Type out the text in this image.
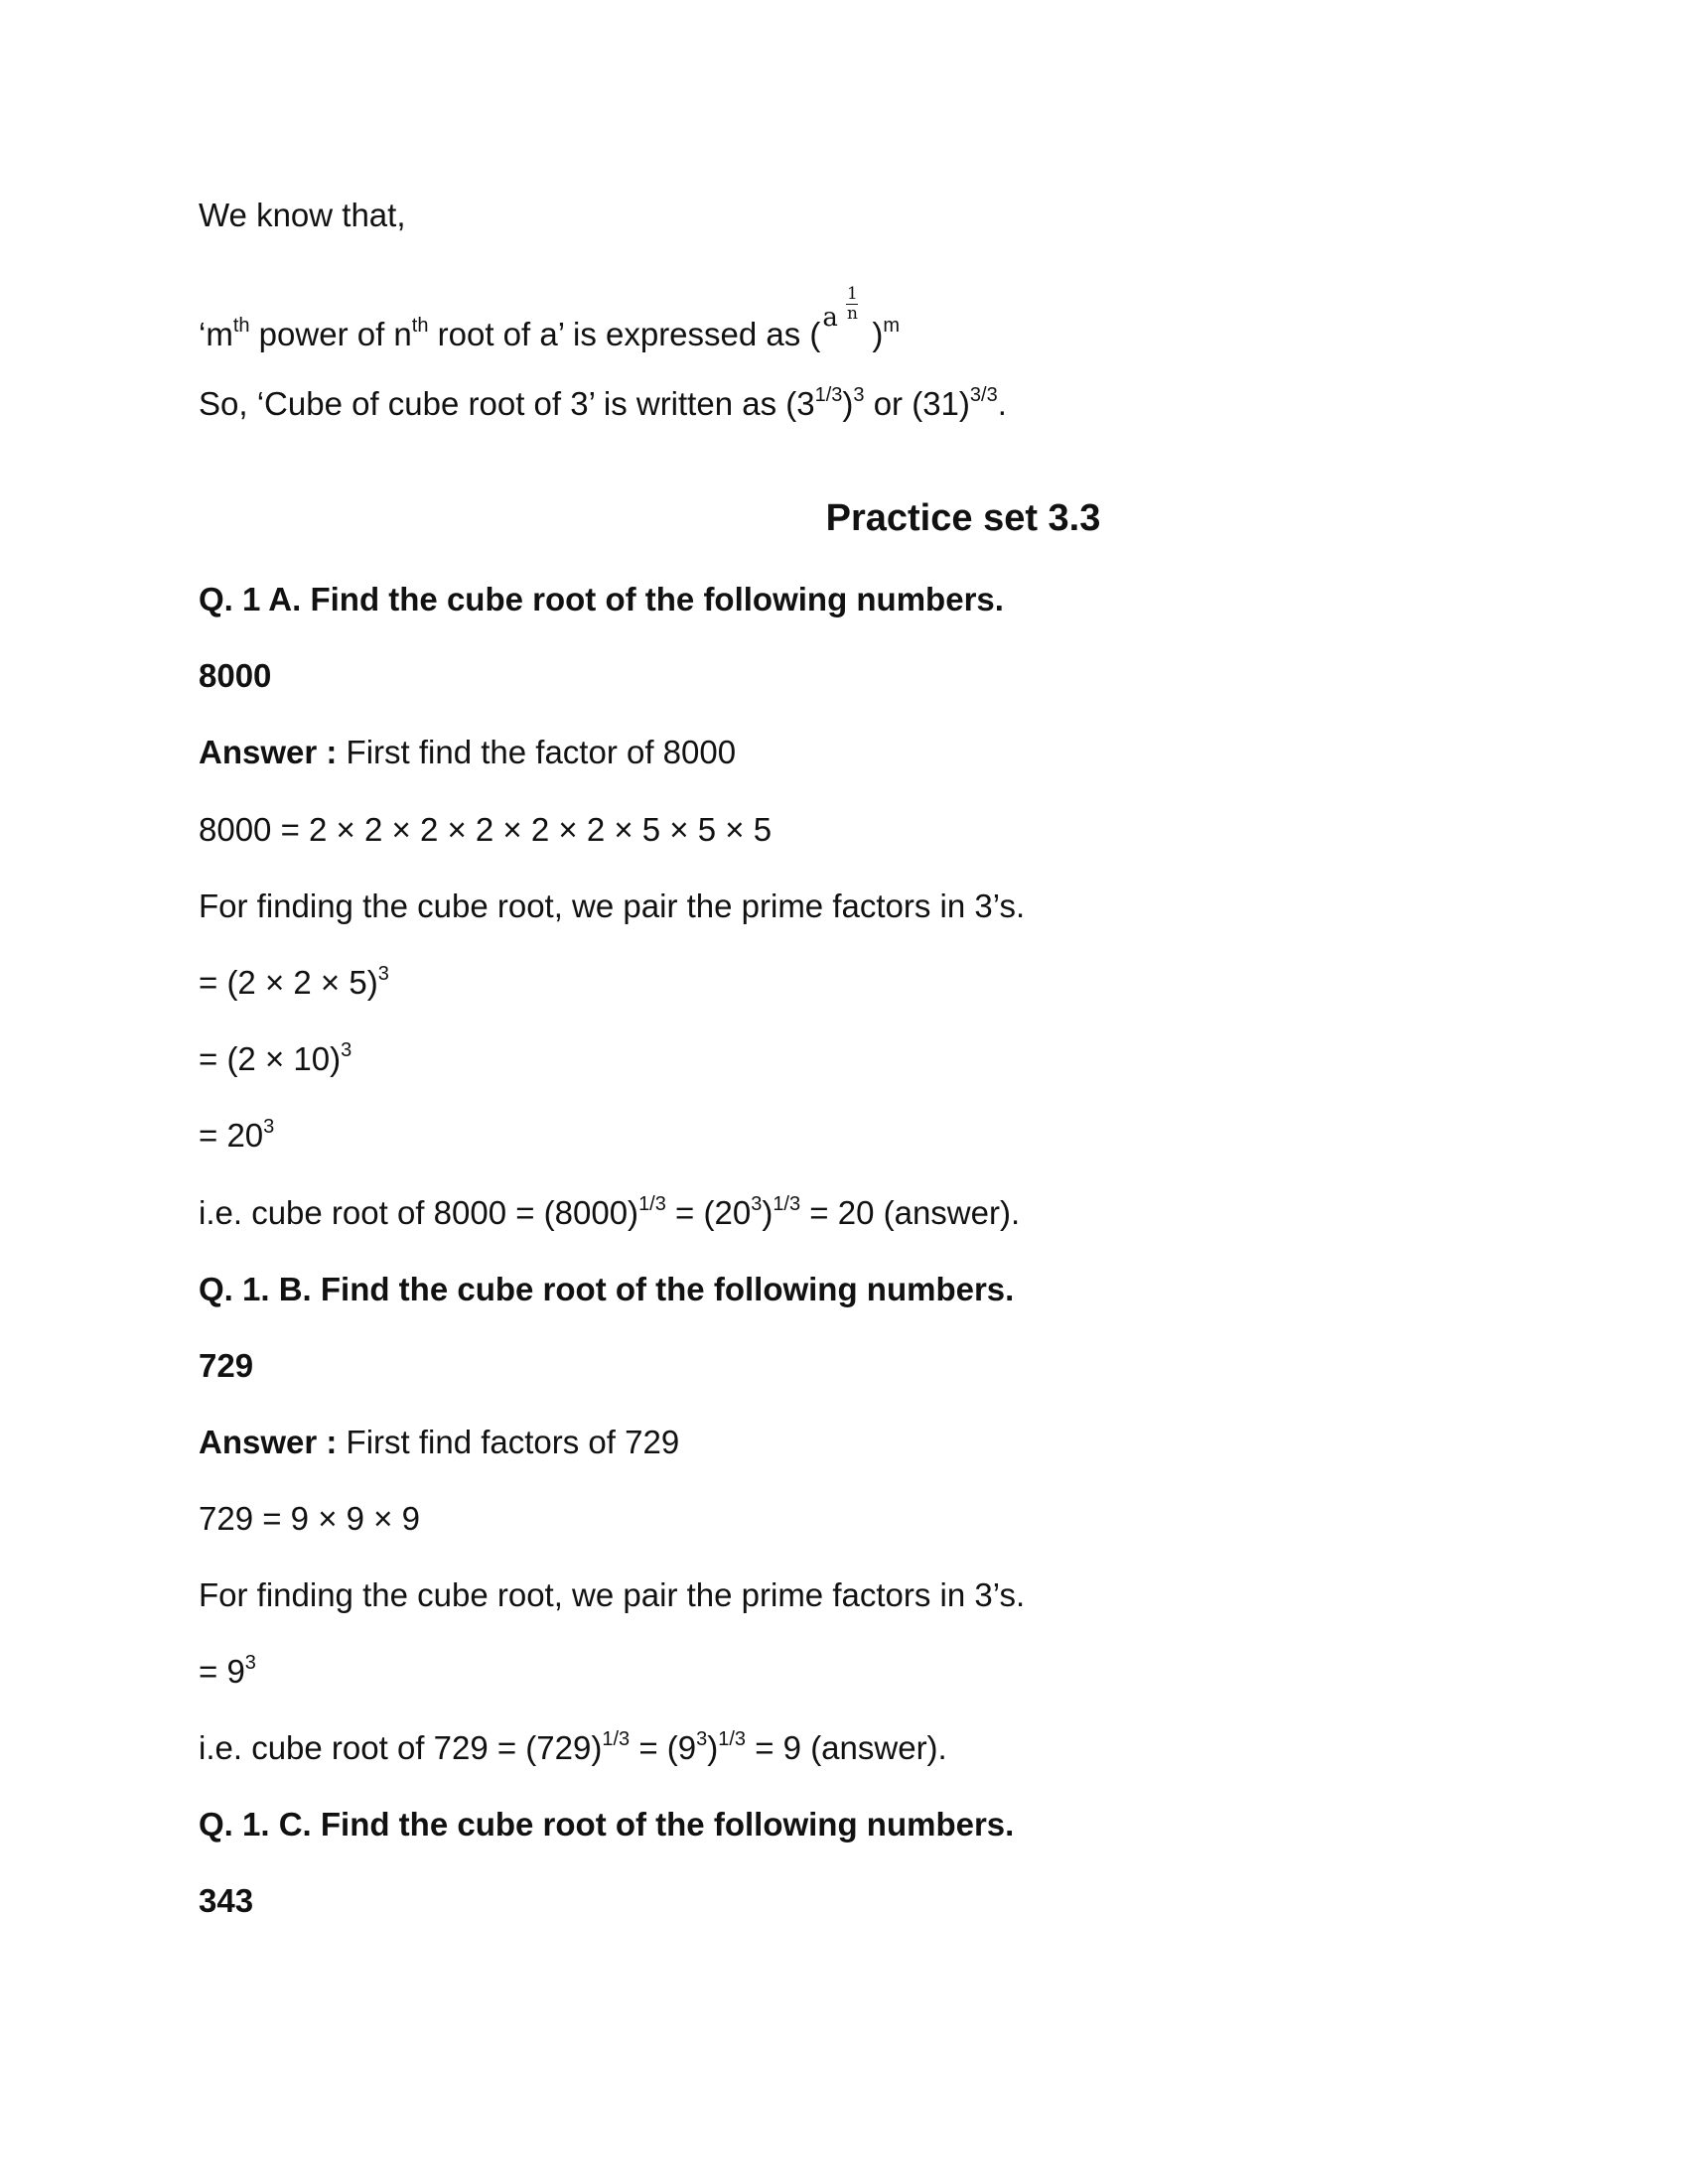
We know that,
‘$m^{th}$ power of $n^{th}$ root of a’ is expressed as ( a
1
n
)$^m$
So, ‘Cube of cube root of 3’ is written as $(3^{1/3})^3$ or $(31)^{3/3}$.
Practice set 3.3
Q. 1 A. Find the cube root of the following numbers.
8000
Answer : First find the factor of 8000
8000 = 2 × 2 × 2 × 2 × 2 × 2 × 5 × 5 × 5
For finding the cube root, we pair the prime factors in 3’s.
= $(2 \times 2 \times 5)^3$
= $(2 \times 10)^3$
= $20^3$
i.e. cube root of $8000 = (8000)^{1/3} = (20^3)^{1/3} = 20$ (answer).
Q. 1. B. Find the cube root of the following numbers.
729
Answer : First find factors of 729
729 = 9 × 9 × 9
For finding the cube root, we pair the prime factors in 3’s.
= $9^3$
i.e. cube root of $729 = (729)^{1/3} = (9^3)^{1/3} = 9$ (answer).
Q. 1. C. Find the cube root of the following numbers.
343
